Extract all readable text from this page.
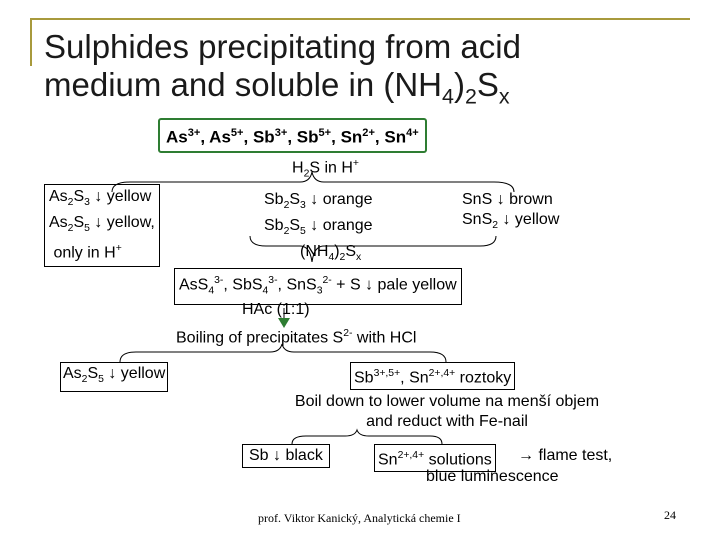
Sulphides precipitating from acid
medium and soluble in $(NH_4)_2S_x$
$As^{3+}$, $As^{5+}$, $Sb^{3+}$, $Sb^{5+}$, $Sn^{2+}$, $Sn^{4+}$
$H_2S$ in H+
$As_2S_3$ ↓ yellow
$As_2S_5$ ↓ yellow,
only in H+
$Sb_2S_3$ ↓ orange
$Sb_2S_5$ ↓ orange
SnS ↓ brown
SnS$_2$ ↓ yellow
$(NH_4)_2S_x$
AsS$_4^{3-}$, SbS$_4^{3-}$, SnS$_3^{2-}$ + S ↓ pale yellow
HAc (1:1)
Boiling of precipitates $S^{2-}$ with HCl
$As_2S_5$ ↓ yellow	$Sb^{3+,5+}$, $Sn^{2+,4+}$ roztoky
Boil down to lower volume na menší objem
and reduct with Fe-nail
Sb ↓ black	$Sn^{2+,4+}$ solutions → flame test,
blue luminescence
prof. Viktor Kanický, Analytická chemie I	24
